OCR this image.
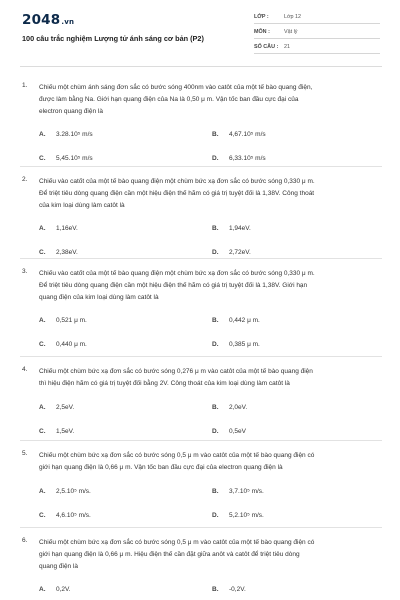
2048.vn
100 câu trắc nghiệm Lượng tử ánh sáng cơ bản (P2)
LỚP :	Lớp 12
MÔN :	Vật lý
SỐ CÂU : 21
1. Chiếu một chùm ánh sáng đơn sắc có bước sóng 400nm vào catôt của một tế bào quang điện,
được làm bằng Na. Giới hạn quang điện của Na là 0,50 μ m. Vận tốc ban đầu cực đại của
electron quang điện là
2. Chiếu vào catốt của một tế bào quang điện một chùm bức xạ đơn sắc có bước sóng 0,330 μ m.
Để triệt tiêu dòng quang điện cần một hiệu điện thế hãm có giá trị tuyệt đối là 1,38V. Công thoát
của kim loại dùng làm catôt là
3. Chiếu vào catốt của một tế bào quang điện một chùm bức xạ đơn sắc có bước sóng 0,330 μ m.
Để triệt tiêu dòng quang điện cần một hiệu điện thế hãm có giá trị tuyệt đối là 1,38V. Giới hạn
quang điện của kim loại dùng làm catôt là
4. Chiếu một chùm bức xạ đơn sắc có bước sóng 0,276 μ m vào catôt của một tế bào quang điện
thì hiệu điện hãm có giá trị tuyệt đối bằng 2V. Công thoát của kim loại dùng làm catôt là
5. Chiếu một chùm bức xạ đơn sắc có bước sóng 0,5 μ m vào catôt của một tế bào quang điện có
giới hạn quang điện là 0,66 μ m. Vận tốc ban đầu cực đại của electron quang điện là
6. Chiếu một chùm bức xạ đơn sắc có bước sóng 0,5 μ m vào catôt của một tế bào quang điện có
giới hạn quang điện là 0,66 μ m. Hiệu điện thế cần đặt giữa anôt và catôt để triệt tiêu dòng
quang điện là
A. 3.28.10⁵ m/s	B. 4,67.10⁵ m/s
C. 5,45.10⁵ m/s	D. 6,33.10⁵ m/s
A. 1,16eV.	B. 1,94eV.
C. 2,38eV.	D. 2,72eV.
A. 0,521 μ m.	B. 0,442 μ m.
C. 0,440 μ m.	D. 0,385 μ m.
A. 2,5eV.	B. 2,0eV.
C. 1,5eV.	D. 0,5eV
A. 2,5.10⁵ m/s.	B. 3,7.10⁵ m/s.
C. 4,6.10⁵ m/s.	D. 5,2.10⁵ m/s.
A. 0,2V.	B. -0,2V.
